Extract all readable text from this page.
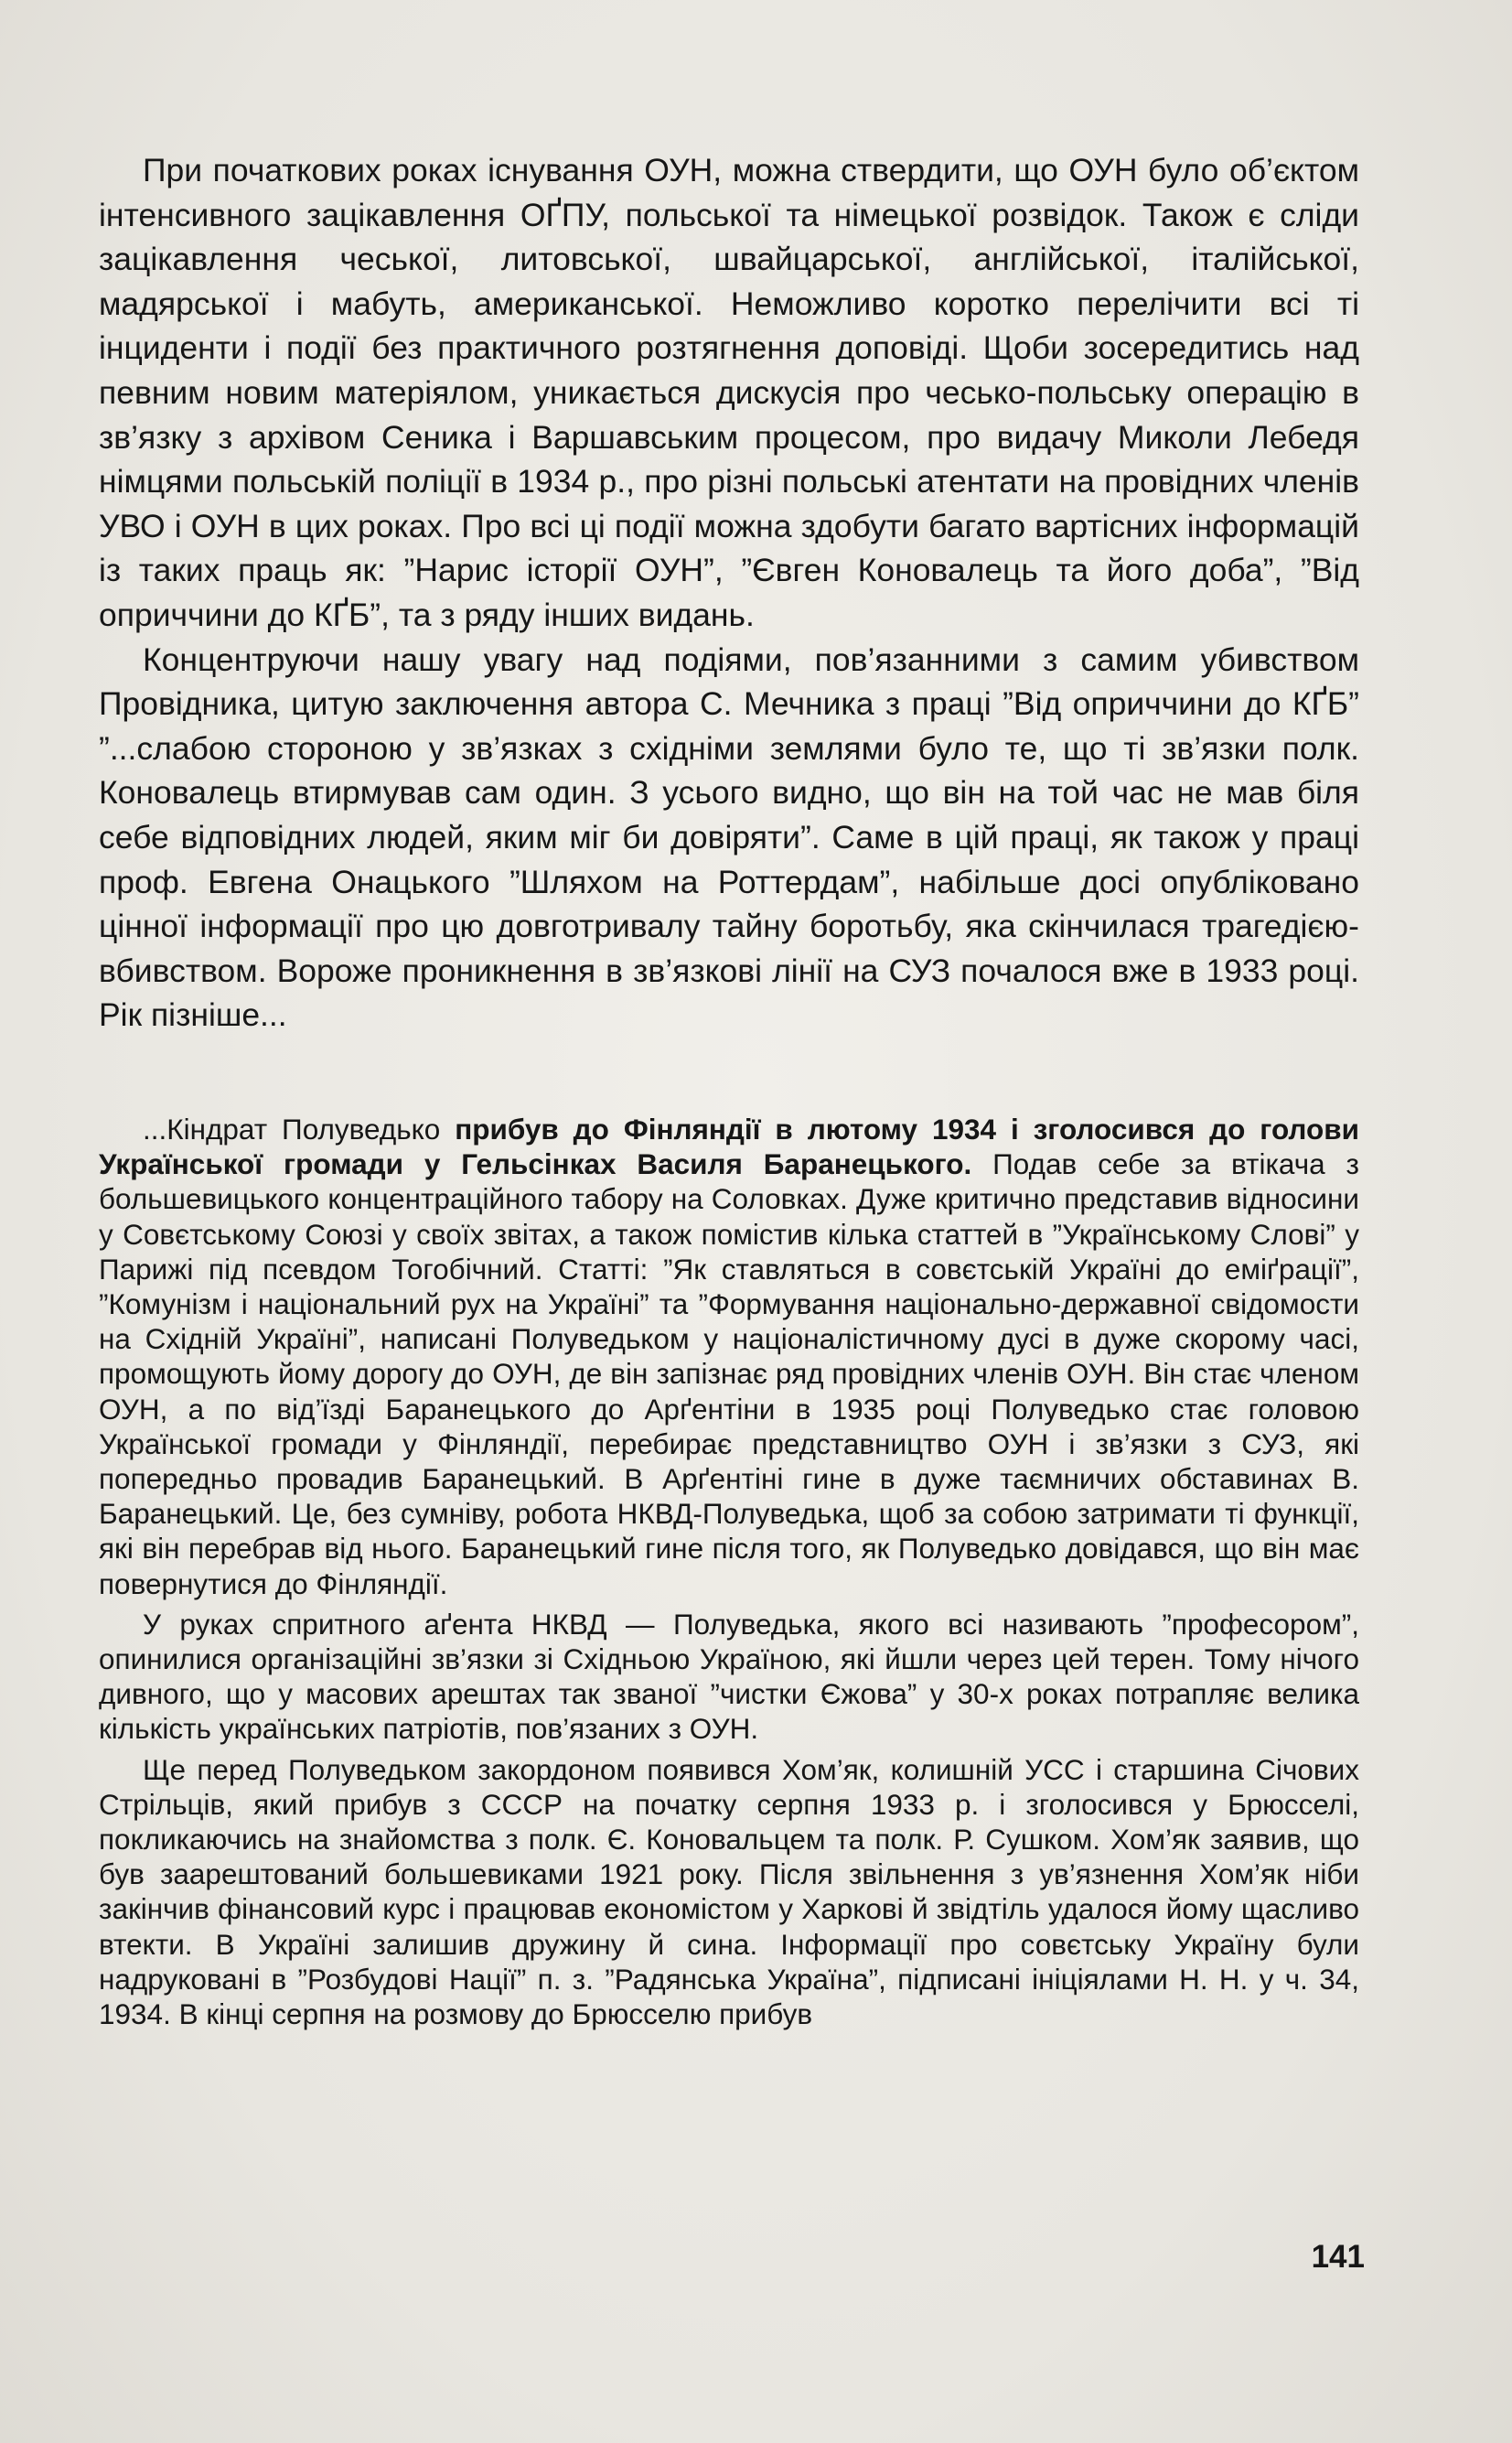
При початкових роках існування ОУН, можна ствердити, що ОУН було об’єктом інтенсивного зацікавлення ОҐПУ, польської та німецької розвідок. Також є сліди зацікавлення чеської, литовської, швайцарської, англійської, італійської, мадярської і мабуть, американської. Неможливо коротко перелічити всі ті інциденти і події без практичного розтягнення доповіді. Щоби зосередитись над певним новим матеріялом, уникається дискусія про чесько-польську операцію в зв’язку з архівом Сеника і Варшавським процесом, про видачу Миколи Лебедя німцями польській поліції в 1934 р., про різні польські атентати на провідних членів УВО і ОУН в цих роках. Про всі ці події можна здобути багато вартісних інформацій із таких праць як: ”Нарис історії ОУН”, ”Євген Коновалець та його доба”, ”Від оприччини до КҐБ”, та з ряду інших видань.

Концентруючи нашу увагу над подіями, пов’язанними з самим убивством Провідника, цитую заключення автора С. Мечника з праці ”Від оприччини до КҐБ” ”...слабою стороною у зв’язках з східніми землями було те, що ті зв’язки полк. Коновалець втирмував сам один. З усього видно, що він на той час не мав біля себе відповідних людей, яким міг би довіряти”. Саме в цій праці, як також у праці проф. Евгена Онацького ”Шляхом на Роттердам”, набільше досі опубліковано цінної інформації про цю довготривалу тайну боротьбу, яка скінчилася трагедією-вбивством. Вороже проникнення в зв’язкові лінії на СУЗ почалося вже в 1933 році. Рік пізніше...

...Кіндрат Полуведько прибув до Фінляндії в лютому 1934 і зголосився до голови Української громади у Гельсінках Василя Баранецького. Подав себе за втікача з большевицького концентраційного табору на Соловках. Дуже критично представив відносини у Совєтському Союзі у своїх звітах, а також помістив кілька статтей в ”Українському Слові” у Парижі під псевдом Тогобічний. Статті: ”Як ставляться в совєтській Україні до еміґрації”, ”Комунізм і національний рух на Україні” та ”Формування національно-державної свідомости на Східній Україні”, написані Полуведьком у націоналістичному дусі в дуже скорому часі, промощують йому дорогу до ОУН, де він запізнає ряд провідних членів ОУН. Він стає членом ОУН, а по від’їзді Баранецького до Арґентіни в 1935 році Полуведько стає головою Української громади у Фінляндії, перебирає представництво ОУН і зв’язки з СУЗ, які попередньо провадив Баранецький. В Арґентіні гине в дуже таємничих обставинах В. Баранецький. Це, без сумніву, робота НКВД-Полуведька, щоб за собою затримати ті функції, які він перебрав від нього. Баранецький гине після того, як Полуведько довідався, що він має повернутися до Фінляндії.

У руках спритного аґента НКВД — Полуведька, якого всі називають ”професором”, опинилися організаційні зв’язки зі Східньою Україною, які йшли через цей терен. Тому нічого дивного, що у масових арештах так званої ”чистки Єжова” у 30-х роках потрапляє велика кількість українських патріотів, пов’язаних з ОУН.

Ще перед Полуведьком закордоном появився Хом’як, колишній УСС і старшина Січових Стрільців, який прибув з СССР на початку серпня 1933 р. і зголосився у Брюсселі, покликаючись на знайомства з полк. Є. Коновальцем та полк. Р. Сушком. Хом’як заявив, що був заарештований большевиками 1921 року. Після звільнення з ув’язнення Хом’як ніби закінчив фінансовий курс і працював економістом у Харкові й звідтіль удалося йому щасливо втекти. В Україні залишив дружину й сина. Інформації про совєтську Україну були надруковані в ”Розбудові Нації” п. з. ”Радянська Україна”, підписані ініціялами Н. Н. у ч. 34, 1934. В кінці серпня на розмову до Брюсселю прибув

141
